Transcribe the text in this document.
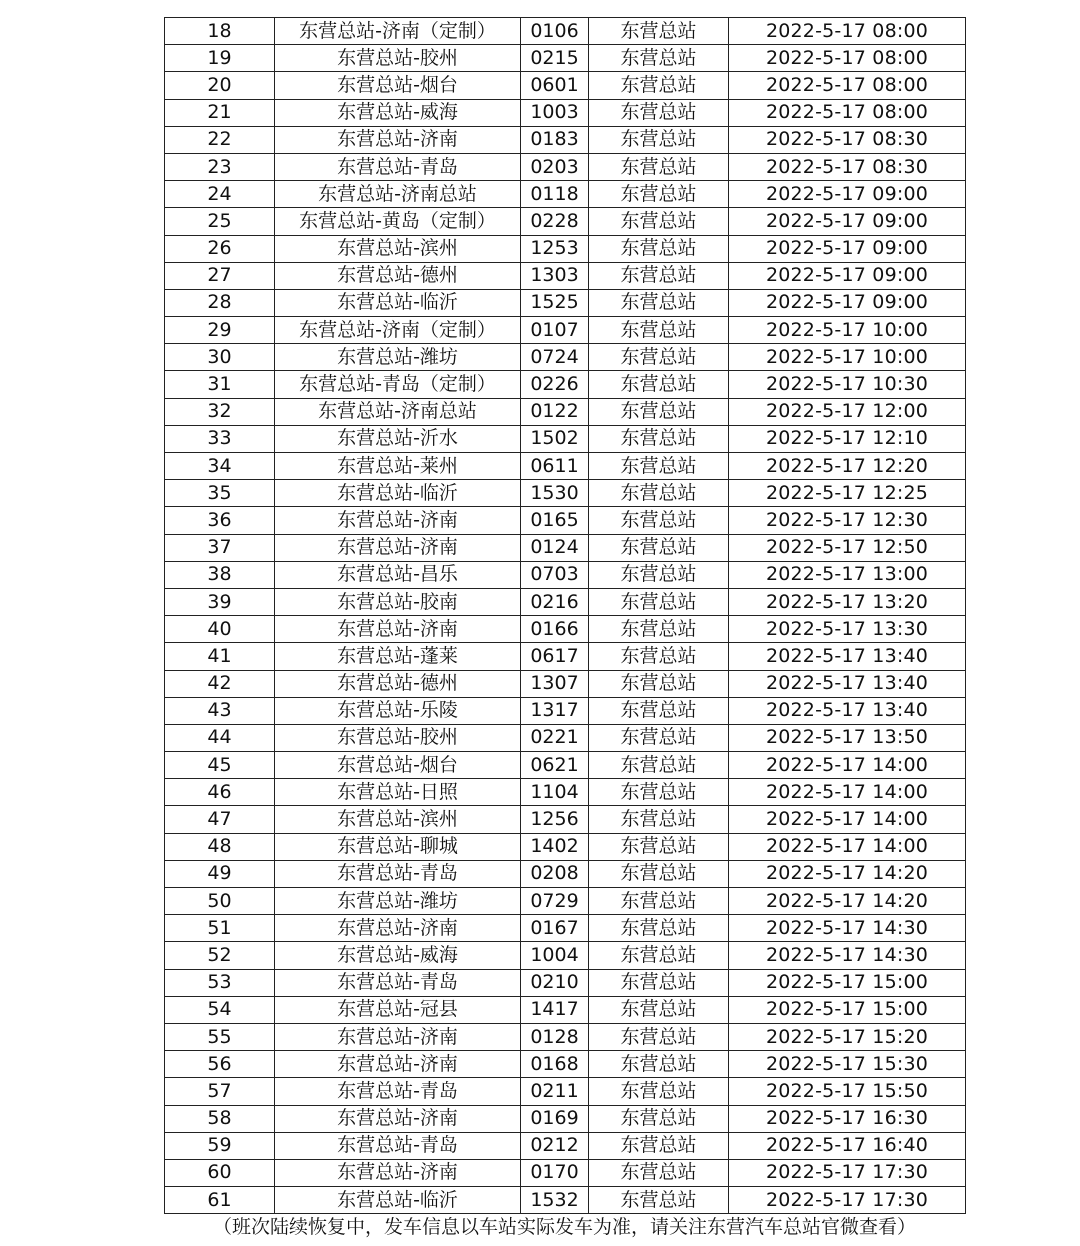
18	东营总站-济南（定制）	0106	东营总站	2022-5-17 08:00
19	东营总站-胶州	0215	东营总站	2022-5-17 08:00
20	东营总站-烟台	0601	东营总站	2022-5-17 08:00
21	东营总站-威海	1003	东营总站	2022-5-17 08:00
22	东营总站-济南	0183	东营总站	2022-5-17 08:30
23	东营总站-青岛	0203	东营总站	2022-5-17 08:30
24	东营总站-济南总站	0118	东营总站	2022-5-17 09:00
25	东营总站-黄岛（定制）	0228	东营总站	2022-5-17 09:00
26	东营总站-滨州	1253	东营总站	2022-5-17 09:00
27	东营总站-德州	1303	东营总站	2022-5-17 09:00
28	东营总站-临沂	1525	东营总站	2022-5-17 09:00
29	东营总站-济南（定制）	0107	东营总站	2022-5-17 10:00
30	东营总站-潍坊	0724	东营总站	2022-5-17 10:00
31	东营总站-青岛（定制）	0226	东营总站	2022-5-17 10:30
32	东营总站-济南总站	0122	东营总站	2022-5-17 12:00
33	东营总站-沂水	1502	东营总站	2022-5-17 12:10
34	东营总站-莱州	0611	东营总站	2022-5-17 12:20
35	东营总站-临沂	1530	东营总站	2022-5-17 12:25
36	东营总站-济南	0165	东营总站	2022-5-17 12:30
37	东营总站-济南	0124	东营总站	2022-5-17 12:50
38	东营总站-昌乐	0703	东营总站	2022-5-17 13:00
39	东营总站-胶南	0216	东营总站	2022-5-17 13:20
40	东营总站-济南	0166	东营总站	2022-5-17 13:30
41	东营总站-蓬莱	0617	东营总站	2022-5-17 13:40
42	东营总站-德州	1307	东营总站	2022-5-17 13:40
43	东营总站-乐陵	1317	东营总站	2022-5-17 13:40
44	东营总站-胶州	0221	东营总站	2022-5-17 13:50
45	东营总站-烟台	0621	东营总站	2022-5-17 14:00
46	东营总站-日照	1104	东营总站	2022-5-17 14:00
47	东营总站-滨州	1256	东营总站	2022-5-17 14:00
48	东营总站-聊城	1402	东营总站	2022-5-17 14:00
49	东营总站-青岛	0208	东营总站	2022-5-17 14:20
50	东营总站-潍坊	0729	东营总站	2022-5-17 14:20
51	东营总站-济南	0167	东营总站	2022-5-17 14:30
52	东营总站-威海	1004	东营总站	2022-5-17 14:30
53	东营总站-青岛	0210	东营总站	2022-5-17 15:00
54	东营总站-冠县	1417	东营总站	2022-5-17 15:00
55	东营总站-济南	0128	东营总站	2022-5-17 15:20
56	东营总站-济南	0168	东营总站	2022-5-17 15:30
57	东营总站-青岛	0211	东营总站	2022-5-17 15:50
58	东营总站-济南	0169	东营总站	2022-5-17 16:30
59	东营总站-青岛	0212	东营总站	2022-5-17 16:40
60	东营总站-济南	0170	东营总站	2022-5-17 17:30
61	东营总站-临沂	1532	东营总站	2022-5-17 17:30
（班次陆续恢复中，发车信息以车站实际发车为准，请关注东营汽车总站官微查看）
